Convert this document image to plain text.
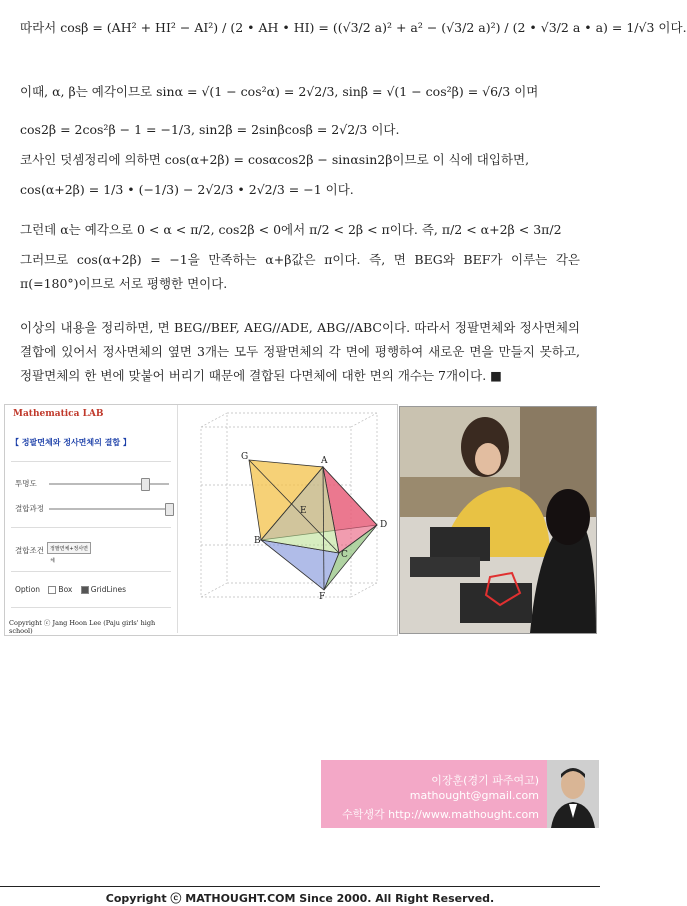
따라서 cosβ = (AH² + HI² − AI²) / (2 • AH • HI) = ((√3/2 a)² + a² − (√3/2 a)²) / (2 • √3/2 a • a) = 1/√3 이다.
이때, α, β는 예각이므로 sinα = √(1 − cos²α) = 2√2/3, sinβ = √(1 − cos²β) = √6/3 이며
cos2β = 2cos²β − 1 = −1/3, sin2β = 2sinβcosβ = 2√2/3 이다.
코사인 덧셈정리에 의하면 cos(α+2β) = cosαcos2β − sinαsin2β이므로 이 식에 대입하면,
cos(α+2β) = 1/3 • (−1/3) − 2√2/3 • 2√2/3 = −1 이다.
그런데 α는 예각으로 0 < α < π/2, cos2β < 0에서 π/2 < 2β < π이다. 즉, π/2 < α+2β < 3π/2
그러므로 cos(α+2β) = −1을 만족하는 α+β값은 π이다. 즉, 면 BEG와 BEF가 이루는 각은 π(=180°)이므로 서로 평행한 면이다.
이상의 내용을 정리하면, 면 BEG//BEF, AEG//ADE, ABG//ABC이다. 따라서 정팔면체와 정사면체의 결합에 있어서 정사면체의 옆면 3개는 모두 정팔면체의 각 면에 평행하여 새로운 면을 만들지 못하고, 정팔면체의 한 변에 맞붙어 버리기 때문에 결합된 다면체에 대한 면의 개수는 7개이다. ■
Mathematica LAB
【 정팔면체와 정사면체의 결합 】
투명도
결합과정
결합조건	정팔면체+정사면체
Option Box GridLines
Copyright ⓒ Jang Hoon Lee (Paju girls' high school)
G	A
E
D
B
C
F
이장훈(경기 파주여고)
mathought@gmail.com
수학생각 http://www.mathought.com
Copyright ⓒ MATHOUGHT.COM Since 2000. All Right Reserved.
